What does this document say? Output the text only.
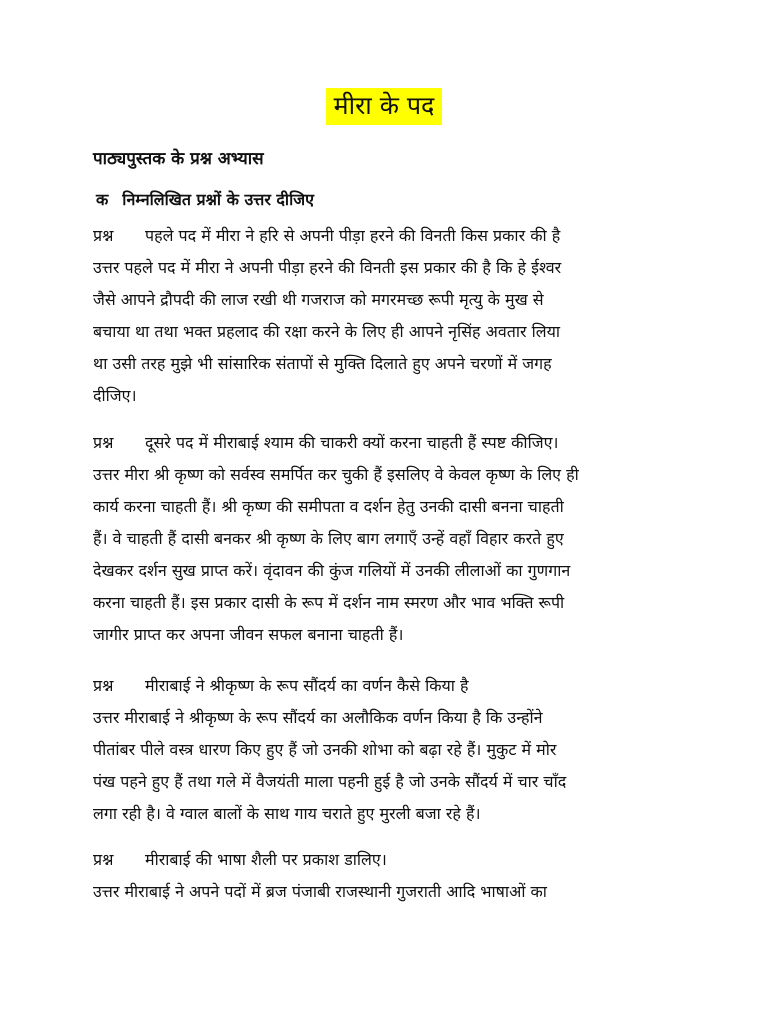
मीरा के पद
पाठ्यपुस्तक के प्रश्न अभ्यास
क निम्नलिखित प्रश्नों के उत्तर दीजिए
प्रश्न पहले पद में मीरा ने हरि से अपनी पीड़ा हरने की विनती किस प्रकार की है
उत्तर पहले पद में मीरा ने अपनी पीड़ा हरने की विनती इस प्रकार की है कि हे ईश्वर
जैसे आपने द्रौपदी की लाज रखी थी गजराज को मगरमच्छ रूपी मृत्यु के मुख से
बचाया था तथा भक्त प्रहलाद की रक्षा करने के लिए ही आपने नृसिंह अवतार लिया
था उसी तरह मुझे भी सांसारिक संतापों से मुक्ति दिलाते हुए अपने चरणों में जगह
दीजिए।
प्रश्न दूसरे पद में मीराबाई श्याम की चाकरी क्यों करना चाहती हैं स्पष्ट कीजिए।
उत्तर मीरा श्री कृष्ण को सर्वस्व समर्पित कर चुकी हैं इसलिए वे केवल कृष्ण के लिए ही
कार्य करना चाहती हैं। श्री कृष्ण की समीपता व दर्शन हेतु उनकी दासी बनना चाहती
हैं। वे चाहती हैं दासी बनकर श्री कृष्ण के लिए बाग लगाएँ उन्हें वहाँ विहार करते हुए
देखकर दर्शन सुख प्राप्त करें। वृंदावन की कुंज गलियों में उनकी लीलाओं का गुणगान
करना चाहती हैं। इस प्रकार दासी के रूप में दर्शन नाम स्मरण और भाव भक्ति रूपी
जागीर प्राप्त कर अपना जीवन सफल बनाना चाहती हैं।
प्रश्न मीराबाई ने श्रीकृष्ण के रूप सौंदर्य का वर्णन कैसे किया है
उत्तर मीराबाई ने श्रीकृष्ण के रूप सौंदर्य का अलौकिक वर्णन किया है कि उन्होंने
पीतांबर पीले वस्त्र धारण किए हुए हैं जो उनकी शोभा को बढ़ा रहे हैं। मुकुट में मोर
पंख पहने हुए हैं तथा गले में वैजयंती माला पहनी हुई है जो उनके सौंदर्य में चार चाँद
लगा रही है। वे ग्वाल बालों के साथ गाय चराते हुए मुरली बजा रहे हैं।
प्रश्न मीराबाई की भाषा शैली पर प्रकाश डालिए।
उत्तर मीराबाई ने अपने पदों में ब्रज पंजाबी राजस्थानी गुजराती आदि भाषाओं का
